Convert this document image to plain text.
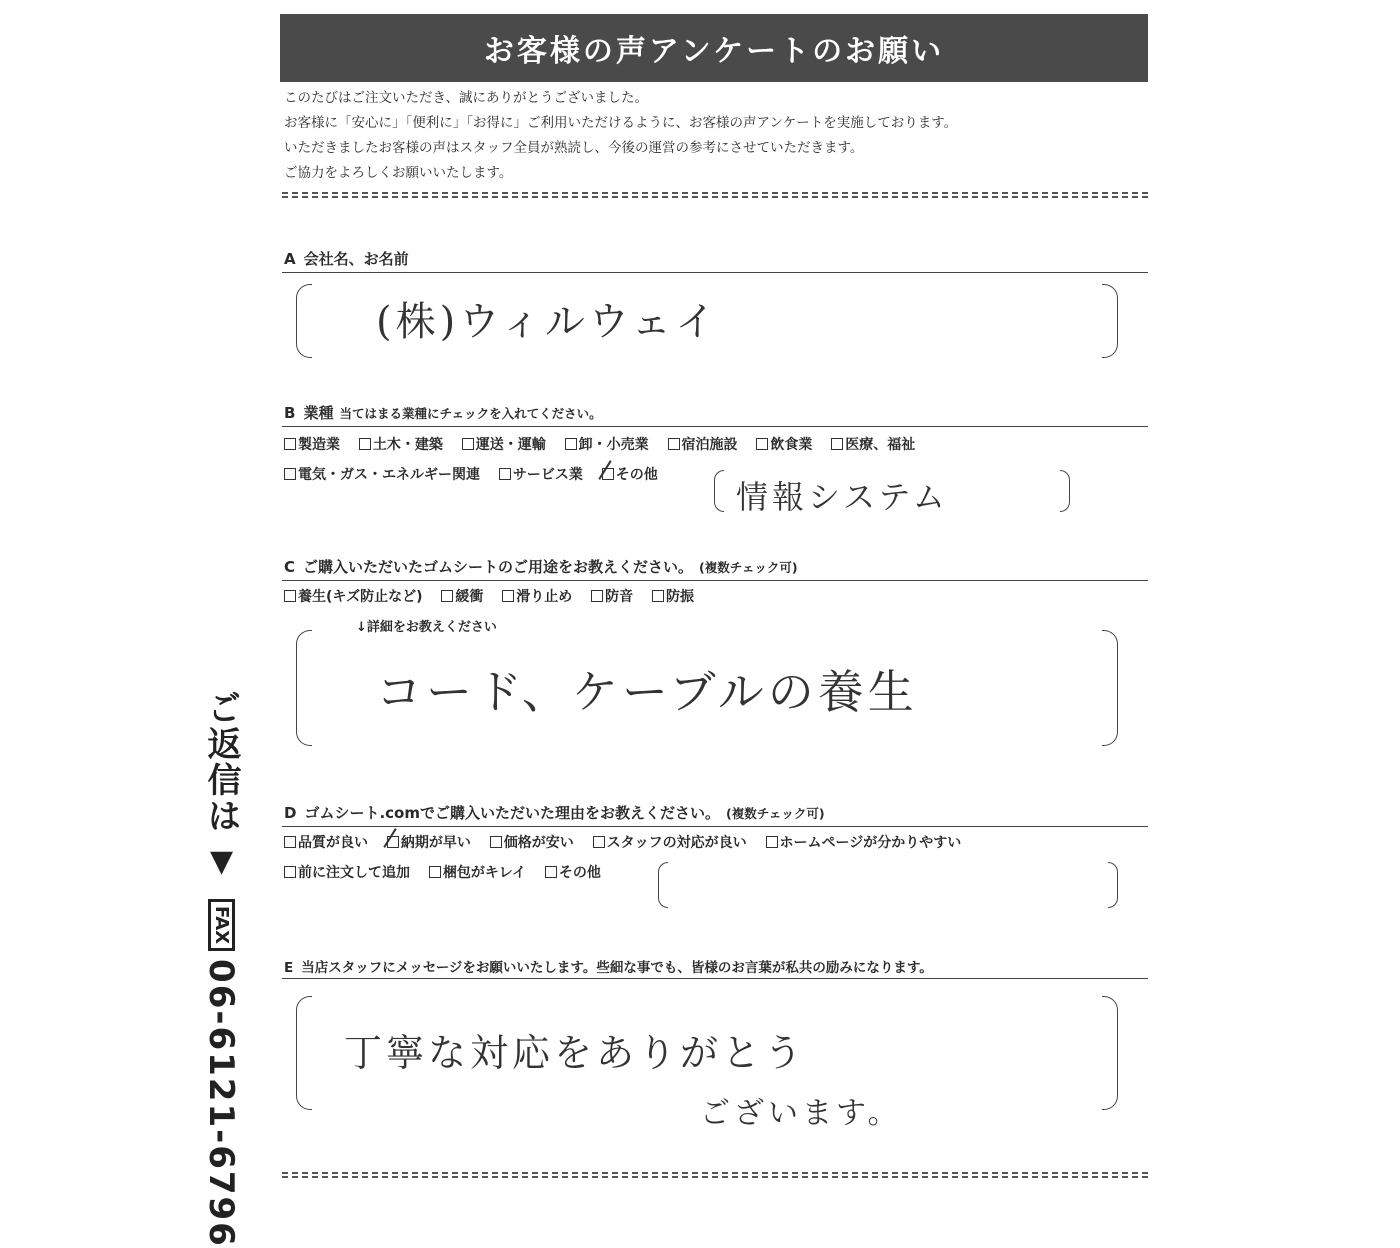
お客様の声アンケートのお願い
このたびはご注文いただき、誠にありがとうございました。
お客様に「安心に」「便利に」「お得に」ご利用いただけるように、お客様の声アンケートを実施しております。
いただきましたお客様の声はスタッフ全員が熟読し、今後の運営の参考にさせていただきます。
ご協力をよろしくお願いいたします。
A 会社名、お名前
(株)ウィルウェイ
B 業種 当てはまる業種にチェックを入れてください。
製造業 土木・建築 運送・運輸 卸・小売業 宿泊施設 飲食業 医療、福祉
電気・ガス・エネルギー関連 サービス業 その他
情報システム
C ご購入いただいたゴムシートのご用途をお教えください。 (複数チェック可)
養生(キズ防止など) 緩衝 滑り止め 防音 防振
↓詳細をお教えください
コード、ケーブルの養生
D ゴムシート.comでご購入いただいた理由をお教えください。 (複数チェック可)
品質が良い 納期が早い 価格が安い スタッフの対応が良い ホームページが分かりやすい
前に注文して追加 梱包がキレイ その他
E 当店スタッフにメッセージをお願いいたします。些細な事でも、皆様のお言葉が私共の励みになります。
丁寧な対応をありがとう
ございます。
ご返信は▼FAX06-6121-6796
